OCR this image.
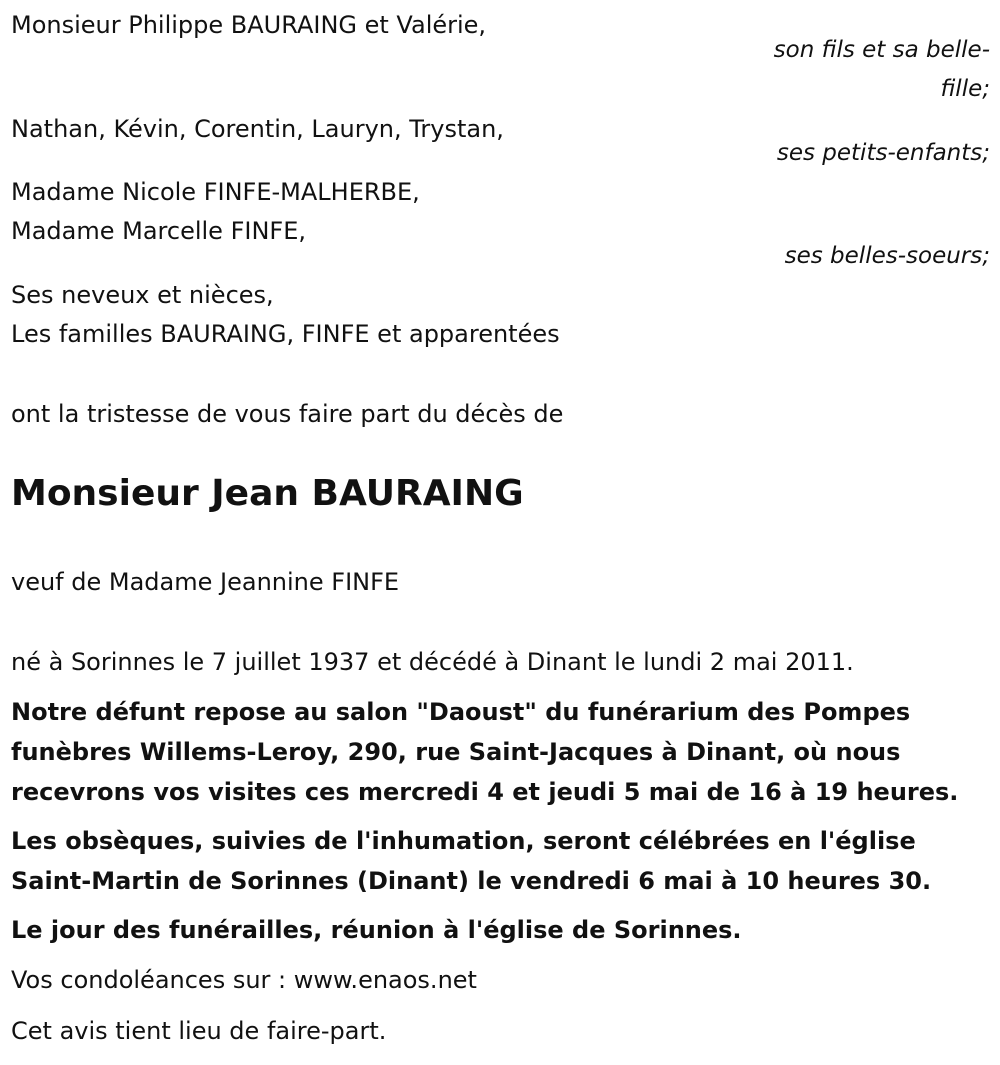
Monsieur Philippe BAURAING et Valérie,

son fils et sa belle-

fille;

Nathan, Kévin, Corentin, Lauryn, Trystan,

ses petits-enfants;

Madame Nicole FINFE-MALHERBE,

Madame Marcelle FINFE,

ses belles-soeurs;

Ses neveux et nièces,

Les familles BAURAING, FINFE et apparentées

ont la tristesse de vous faire part du décès de

Monsieur Jean BAURAING

veuf de Madame Jeannine FINFE

né à Sorinnes le 7 juillet 1937 et décédé à Dinant le lundi 2 mai 2011.

Notre défunt repose au salon "Daoust" du funérarium des Pompes
funèbres Willems-Leroy, 290, rue Saint-Jacques à Dinant, où nous
recevrons vos visites ces mercredi 4 et jeudi 5 mai de 16 à 19 heures.
Les obsèques, suivies de l'inhumation, seront célébrées en l'église
Saint-Martin de Sorinnes (Dinant) le vendredi 6 mai à 10 heures 30.

Le jour des funérailles, réunion à l'église de Sorinnes.

Vos condoléances sur : www.enaos.net

Cet avis tient lieu de faire-part.
